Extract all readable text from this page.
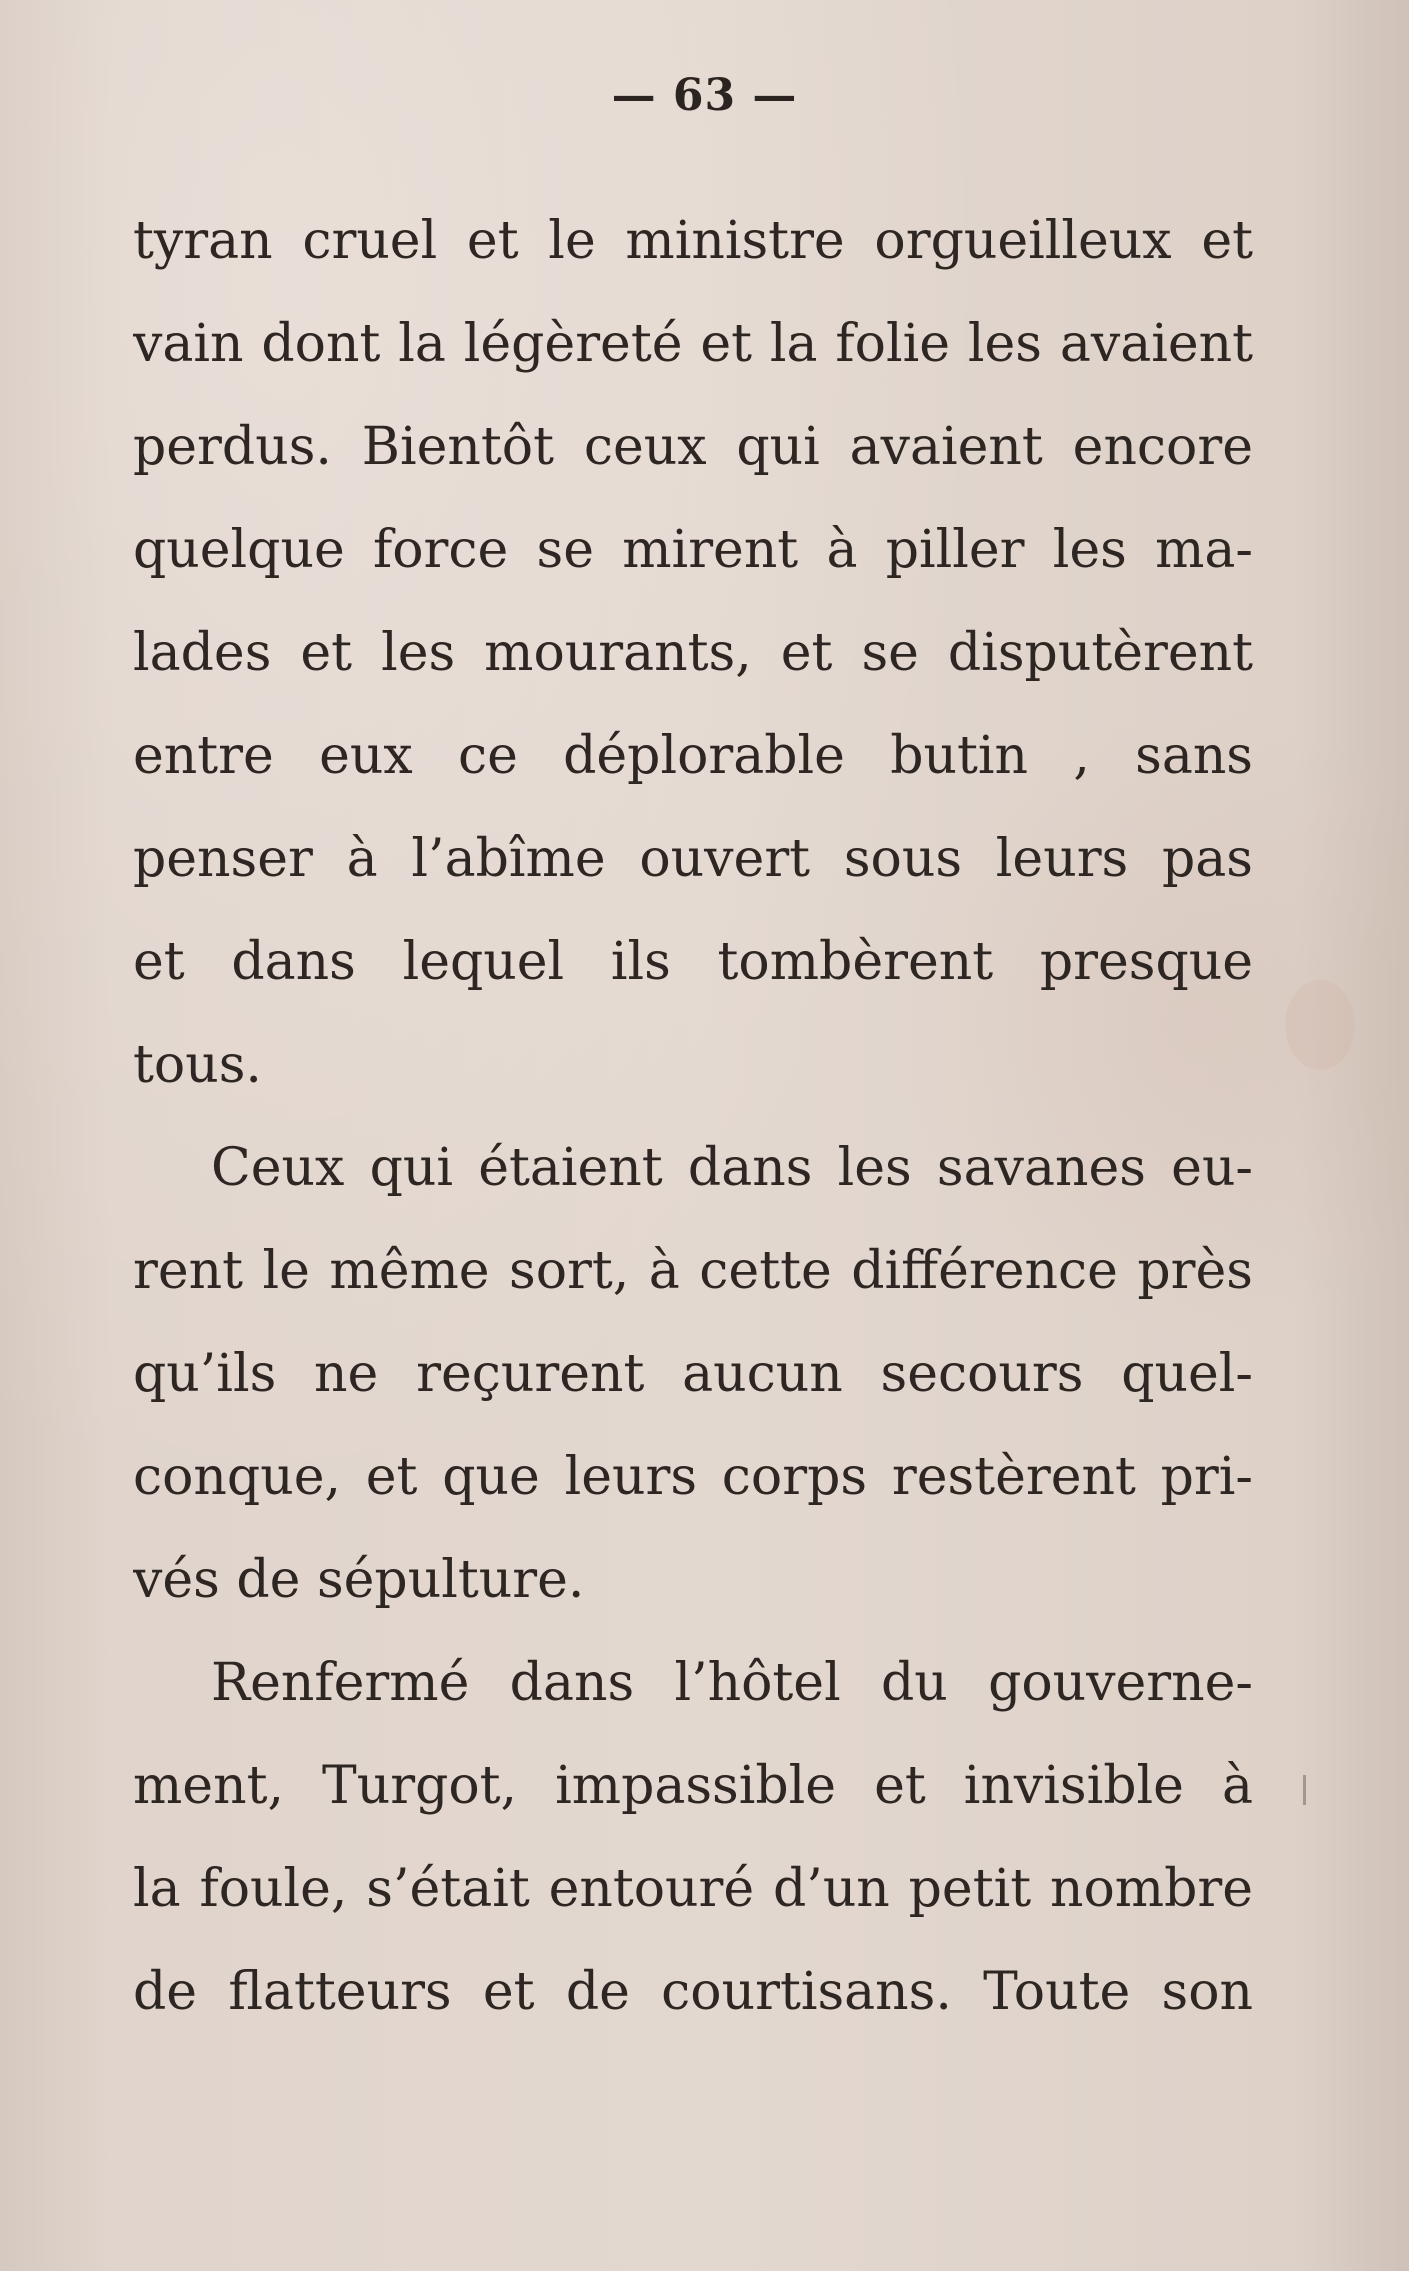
— 63 —
tyran cruel et le ministre orgueilleux et
vain dont la légèreté et la folie les avaient
perdus. Bientôt ceux qui avaient encore
quelque force se mirent à piller les ma-
lades et les mourants, et se disputèrent
entre eux ce déplorable butin , sans
penser à l’abîme ouvert sous leurs pas
et dans lequel ils tombèrent presque
tous.
Ceux qui étaient dans les savanes eu-
rent le même sort, à cette différence près
qu’ils ne reçurent aucun secours quel-
conque, et que leurs corps restèrent pri-
vés de sépulture.
Renfermé dans l’hôtel du gouverne-
ment, Turgot, impassible et invisible à
la foule, s’était entouré d’un petit nombre
de flatteurs et de courtisans. Toute son
